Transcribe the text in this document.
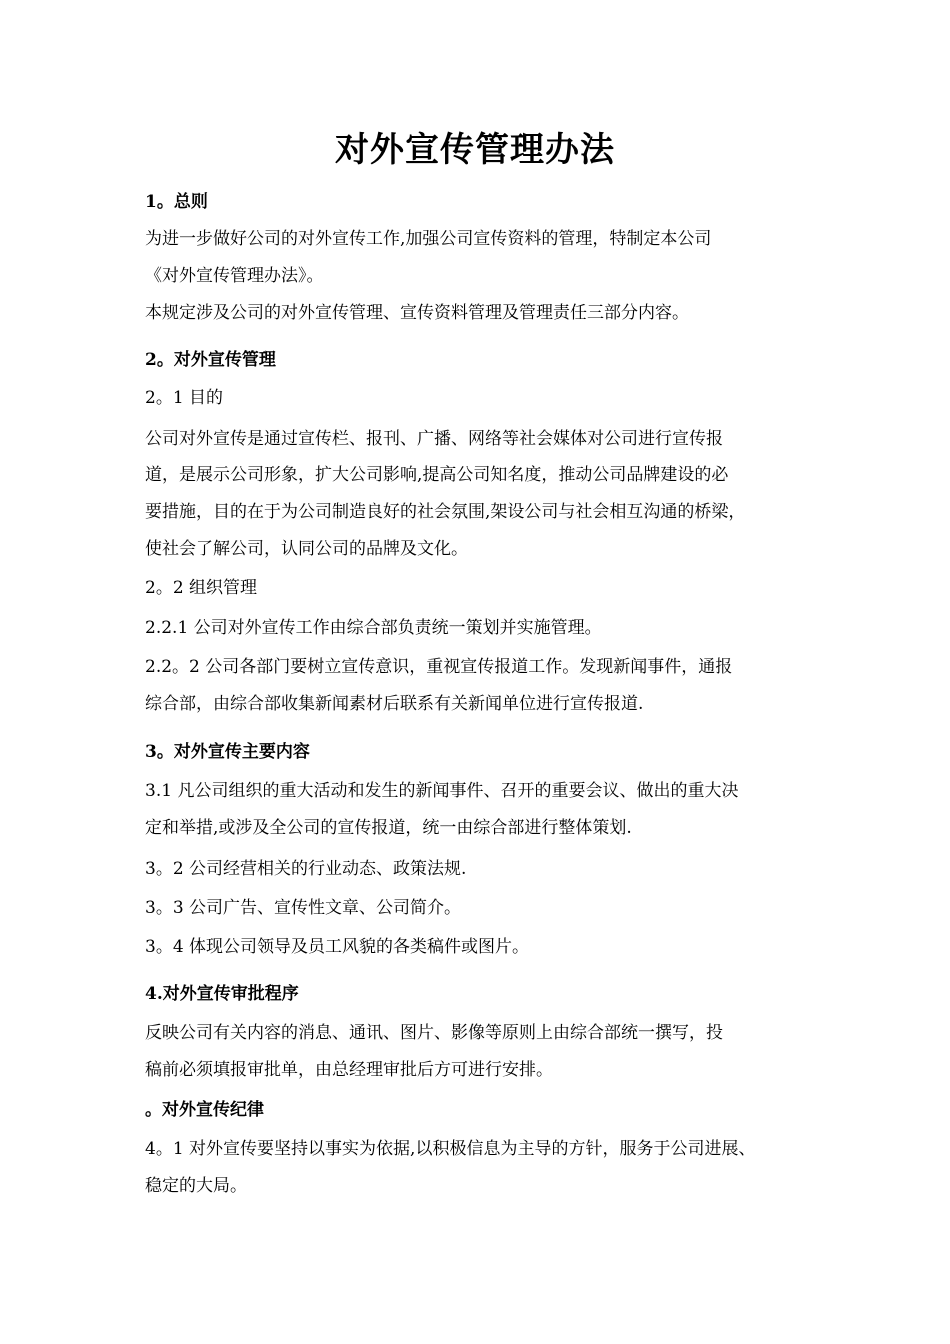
对外宣传管理办法
1。总则
为进一步做好公司的对外宣传工作,加强公司宣传资料的管理，特制定本公司
《对外宣传管理办法》。
本规定涉及公司的对外宣传管理、宣传资料管理及管理责任三部分内容。
2。对外宣传管理
2。1 目的
公司对外宣传是通过宣传栏、报刊、广播、网络等社会媒体对公司进行宣传报
道，是展示公司形象，扩大公司影响,提高公司知名度，推动公司品牌建设的必
要措施，目的在于为公司制造良好的社会氛围,架设公司与社会相互沟通的桥梁，
使社会了解公司，认同公司的品牌及文化。
2。2 组织管理
2.2.1 公司对外宣传工作由综合部负责统一策划并实施管理。
2.2。2 公司各部门要树立宣传意识，重视宣传报道工作。发现新闻事件，通报
综合部，由综合部收集新闻素材后联系有关新闻单位进行宣传报道.
3。对外宣传主要内容
3.1 凡公司组织的重大活动和发生的新闻事件、召开的重要会议、做出的重大决
定和举措,或涉及全公司的宣传报道，统一由综合部进行整体策划.
3。2 公司经营相关的行业动态、政策法规.
3。3 公司广告、宣传性文章、公司简介。
3。4 体现公司领导及员工风貌的各类稿件或图片。
4.对外宣传审批程序
反映公司有关内容的消息、通讯、图片、影像等原则上由综合部统一撰写，投
稿前必须填报审批单，由总经理审批后方可进行安排。
。对外宣传纪律
4。1 对外宣传要坚持以事实为依据,以积极信息为主导的方针，服务于公司进展、
稳定的大局。
